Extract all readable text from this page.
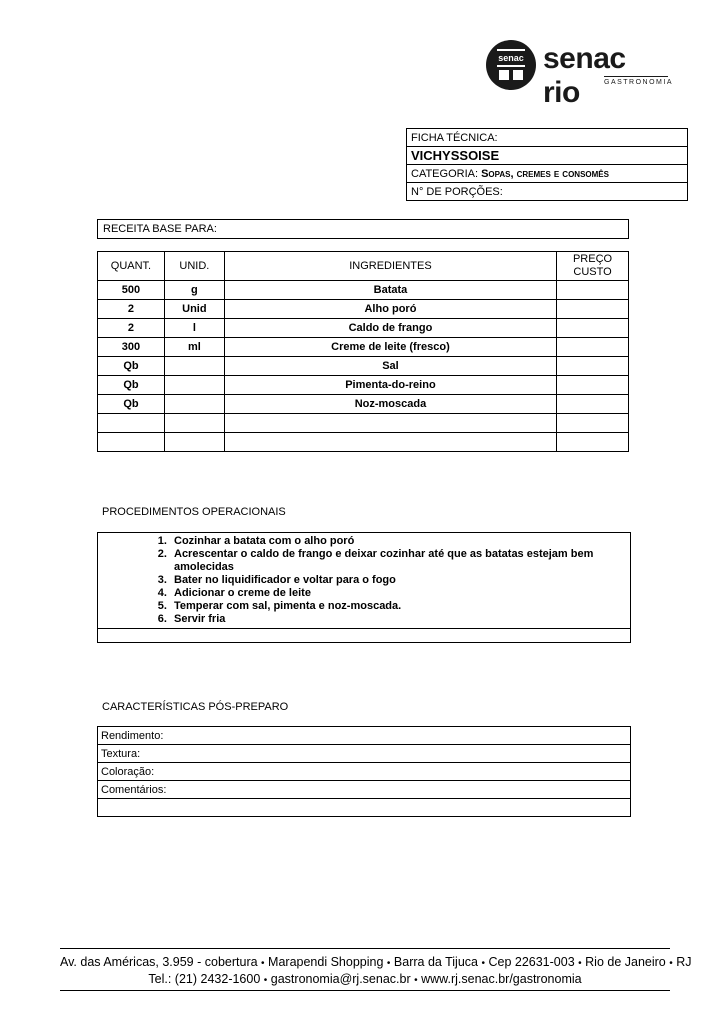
senac senac rio	GASTRONOMIA
FICHA TÉCNICA:
VICHYSSOISE
CATEGORIA: Sopas, cremes e consomês
N° DE PORÇÕES:
RECEITA BASE PARA:
QUANT.	UNID.	INGREDIENTES	PREÇO
CUSTO
500	g	Batata	
2	Unid	Alho poró	
2	l	Caldo de frango	
300	ml	Creme de leite (fresco)	
Qb		Sal	
Qb		Pimenta-do-reino	
Qb		Noz-moscada	

PROCEDIMENTOS OPERACIONAIS
1. Cozinhar a batata com o alho poró
2. Acrescentar o caldo de frango e deixar cozinhar até que as batatas estejam bem amolecidas
3. Bater no liquidificador e voltar para o fogo
4. Adicionar o creme de leite
5. Temperar com sal, pimenta e noz-moscada.
6. Servir fria
CARACTERÍSTICAS PÓS-PREPARO
Rendimento:
Textura:
Coloração:
Comentários:

Av. das Américas, 3.959 - cobertura • Marapendi Shopping • Barra da Tijuca • Cep 22631-003 • Rio de Janeiro • RJ
Tel.: (21) 2432-1600 • gastronomia@rj.senac.br • www.rj.senac.br/gastronomia
